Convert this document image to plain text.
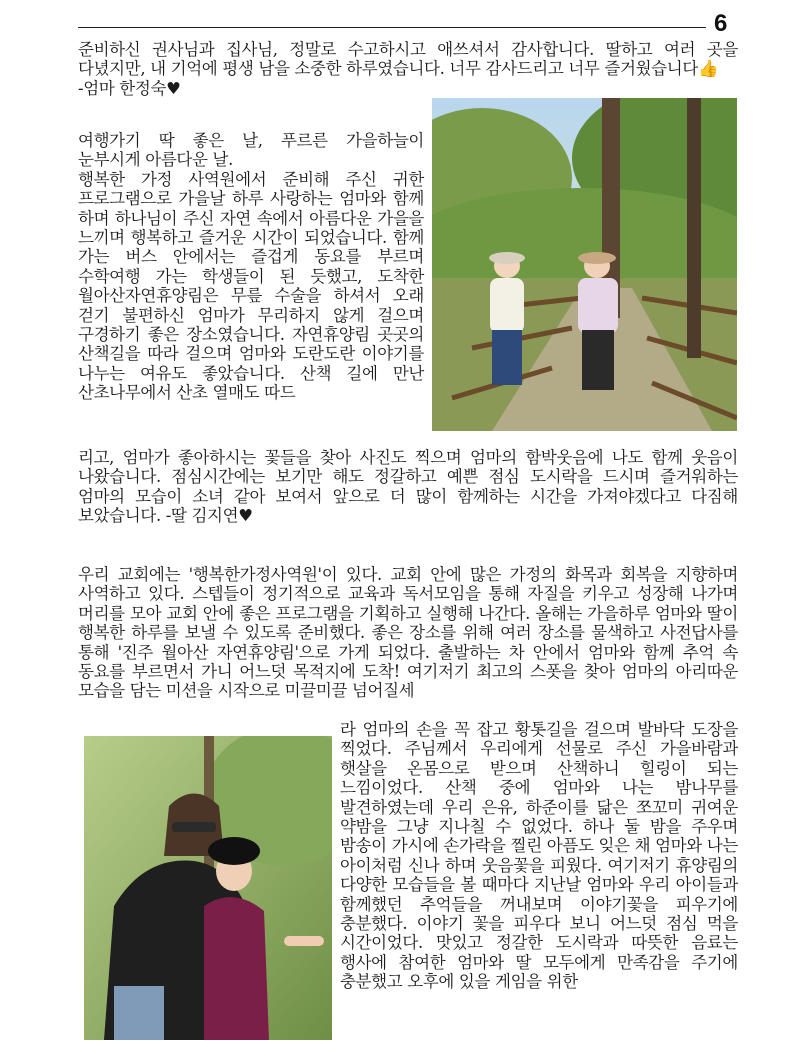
6

준비하신 권사님과 집사님, 정말로 수고하시고 애쓰셔서 감사합니다. 딸하고 여러 곳을 다녔지만, 내 기억에 평생 남을 소중한 하루였습니다. 너무 감사드리고 너무 즐거웠습니다👍

-엄마 한정숙♥

여행가기 딱 좋은 날, 푸르른 가을하늘이 눈부시게 아름다운 날.

행복한 가정 사역원에서 준비해 주신 귀한 프로그램으로 가을날 하루 사랑하는 엄마와 함께 하며 하나님이 주신 자연 속에서 아름다운 가을을 느끼며 행복하고 즐거운 시간이 되었습니다. 함께 가는 버스 안에서는 즐겁게 동요를 부르며 수학여행 가는 학생들이 된 듯했고, 도착한 월아산자연휴양림은 무릎 수술을 하셔서 오래 걷기 불편하신 엄마가 무리하지 않게 걸으며 구경하기 좋은 장소였습니다. 자연휴양림 곳곳의 산책길을 따라 걸으며 엄마와 도란도란 이야기를 나누는 여유도 좋았습니다. 산책 길에 만난 산초나무에서 산초 열매도 따드

리고, 엄마가 좋아하시는 꽃들을 찾아 사진도 찍으며 엄마의 함박웃음에 나도 함께 웃음이 나왔습니다. 점심시간에는 보기만 해도 정갈하고 예쁜 점심 도시락을 드시며 즐거워하는 엄마의 모습이 소녀 같아 보여서 앞으로 더 많이 함께하는 시간을 가져야겠다고 다짐해 보았습니다. -딸 김지연♥

우리 교회에는 '행복한가정사역원'이 있다. 교회 안에 많은 가정의 화목과 회복을 지향하며 사역하고 있다. 스텝들이 정기적으로 교육과 독서모임을 통해 자질을 키우고 성장해 나가며 머리를 모아 교회 안에 좋은 프로그램을 기획하고 실행해 나간다. 올해는 가을하루 엄마와 딸이 행복한 하루를 보낼 수 있도록 준비했다. 좋은 장소를 위해 여러 장소를 물색하고 사전답사를 통해 '진주 월아산 자연휴양림'으로 가게 되었다. 출발하는 차 안에서 엄마와 함께 추억 속 동요를 부르면서 가니 어느덧 목적지에 도착! 여기저기 최고의 스폿을 찾아 엄마의 아리따운 모습을 담는 미션을 시작으로 미끌미끌 넘어질세

라 엄마의 손을 꼭 잡고 황톳길을 걸으며 발바닥 도장을 찍었다. 주님께서 우리에게 선물로 주신 가을바람과 햇살을 온몸으로 받으며 산책하니 힐링이 되는 느낌이었다. 산책 중에 엄마와 나는 밤나무를 발견하였는데 우리 은유, 하준이를 닮은 쪼꼬미 귀여운 약밤을 그냥 지나칠 수 없었다. 하나 둘 밤을 주우며 밤송이 가시에 손가락을 찔린 아픔도 잊은 채 엄마와 나는 아이처럼 신나 하며 웃음꽃을 피웠다. 여기저기 휴양림의 다양한 모습들을 볼 때마다 지난날 엄마와 우리 아이들과 함께했던 추억들을 꺼내보며 이야기꽃을 피우기에 충분했다. 이야기 꽃을 피우다 보니 어느덧 점심 먹을 시간이었다. 맛있고 정갈한 도시락과 따뜻한 음료는 행사에 참여한 엄마와 딸 모두에게 만족감을 주기에 충분했고 오후에 있을 게임을 위한
